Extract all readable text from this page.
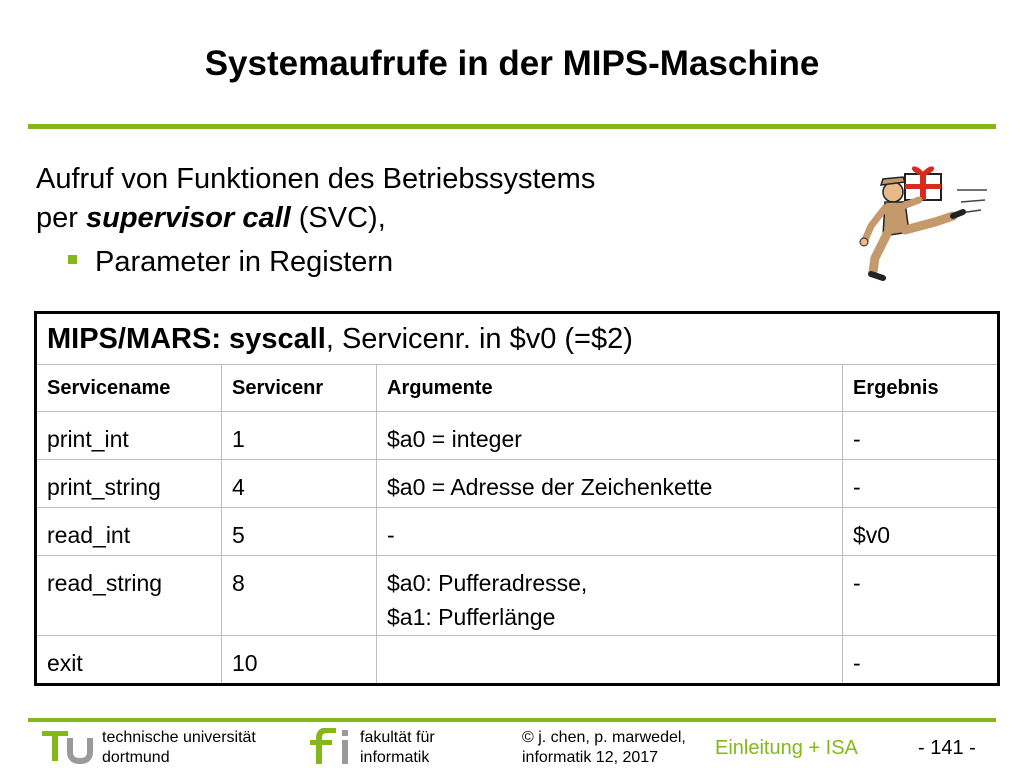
Systemaufrufe in der MIPS-Maschine
Aufruf von Funktionen des Betriebssystems
per supervisor call (SVC),
Parameter in Registern
MIPS/MARS: syscall, Servicenr. in $v0 (=$2)			
Servicename	Servicenr	Argumente	Ergebnis
print_int	1	$a0 = integer	-
print_string	4	$a0 = Adresse der Zeichenkette	-
read_int	5	-	$v0
read_string	8	$a0: Pufferadresse,
$a1: Pufferlänge	-
exit	10		-
technische universität
dortmund
fakultät für
informatik
© j. chen, p. marwedel,
informatik 12, 2017	Einleitung + ISA	- 141 -
